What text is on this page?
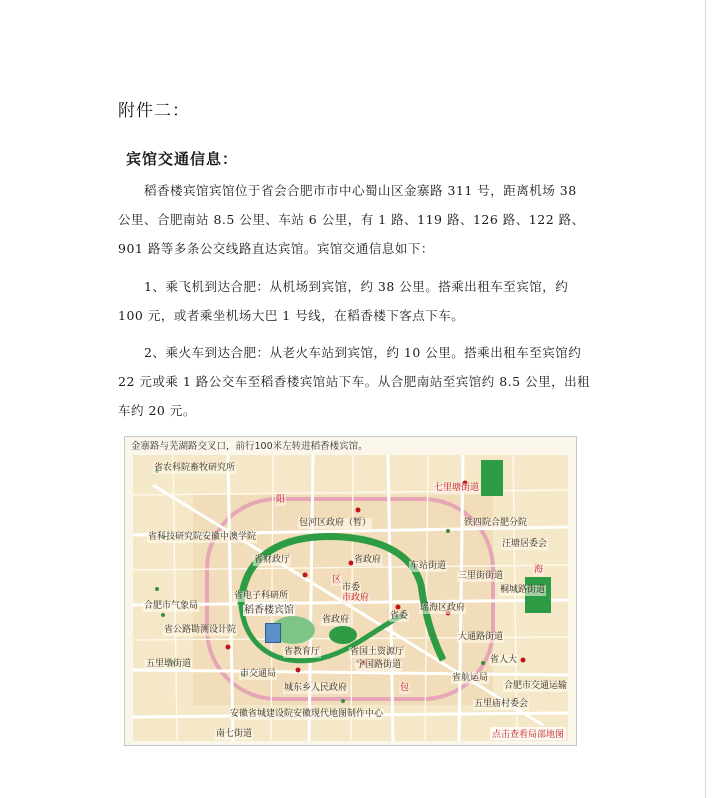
附件二：
宾馆交通信息：

稻香楼宾馆宾馆位于省会合肥市市中心蜀山区金寨路 311 号，距离机场 38 公里、合肥南站 8.5 公里、车站 6 公里，有 1 路、119 路、126 路、122 路、901 路等多条公交线路直达宾馆。宾馆交通信息如下：

1、乘飞机到达合肥：从机场到宾馆，约 38 公里。搭乘出租车至宾馆，约 100 元，或者乘坐机场大巴 1 号线，在稻香楼下客点下车。

2、乘火车到达合肥：从老火车站到宾馆，约 10 公里。搭乘出租车至宾馆约 22 元或乘 1 路公交车至稻香楼宾馆站下车。从合肥南站至宾馆约 8.5 公里，出租车约 20 元。

金寨路与芜湖路交叉口，前行100米左转进稻香楼宾馆。
省农科院畜牧研究所
七里塘街道
包河区政府（暂）	铁四院合肥分院
省科技研究院安徽中澳学院
汪塘居委会
省财政厅	省政府
车站街道
三里街街道
市委
市政府
省电子科研所
稻香楼宾馆
合肥市气象局
省政府	省委
瑶海区政府
桐城路街道
省公路勘测设计院
大通路街道
省教育厅	省国土资源厅
宁国路街道
五里墩街道
市交通局
省人大
省航运局
合肥市交通运输
城东乡人民政府
五里庙村委会
安徽省城建设院安徽现代地图制作中心
南七街道
区
阳
包
海
点击查看局部地图
